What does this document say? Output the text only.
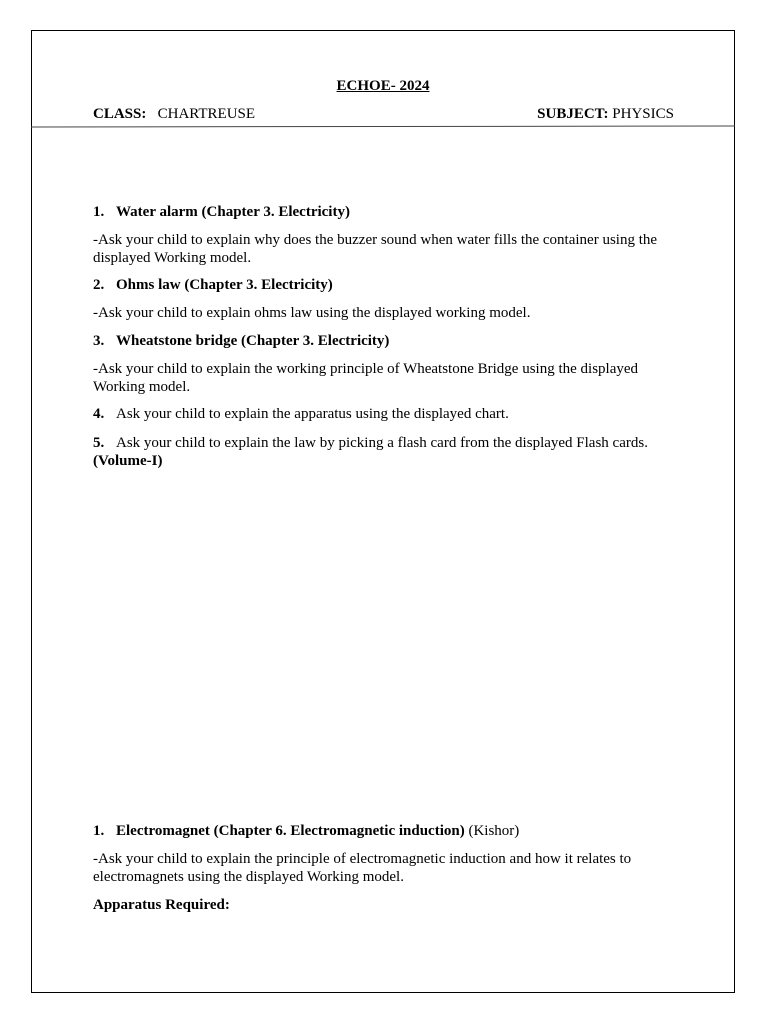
ECHOE- 2024
CLASS: CHARTREUSE	SUBJECT: PHYSICS
1. Water alarm (Chapter 3. Electricity)
-Ask your child to explain why does the buzzer sound when water fills the container using the displayed Working model.
2. Ohms law (Chapter 3. Electricity)
-Ask your child to explain ohms law using the displayed working model.
3. Wheatstone bridge (Chapter 3. Electricity)
-Ask your child to explain the working principle of Wheatstone Bridge using the displayed Working model.
4. Ask your child to explain the apparatus using the displayed chart.
5. Ask your child to explain the law by picking a flash card from the displayed Flash cards.
(Volume-I)
1. Electromagnet (Chapter 6. Electromagnetic induction) (Kishor)
-Ask your child to explain the principle of electromagnetic induction and how it relates to electromagnets using the displayed Working model.
Apparatus Required:
